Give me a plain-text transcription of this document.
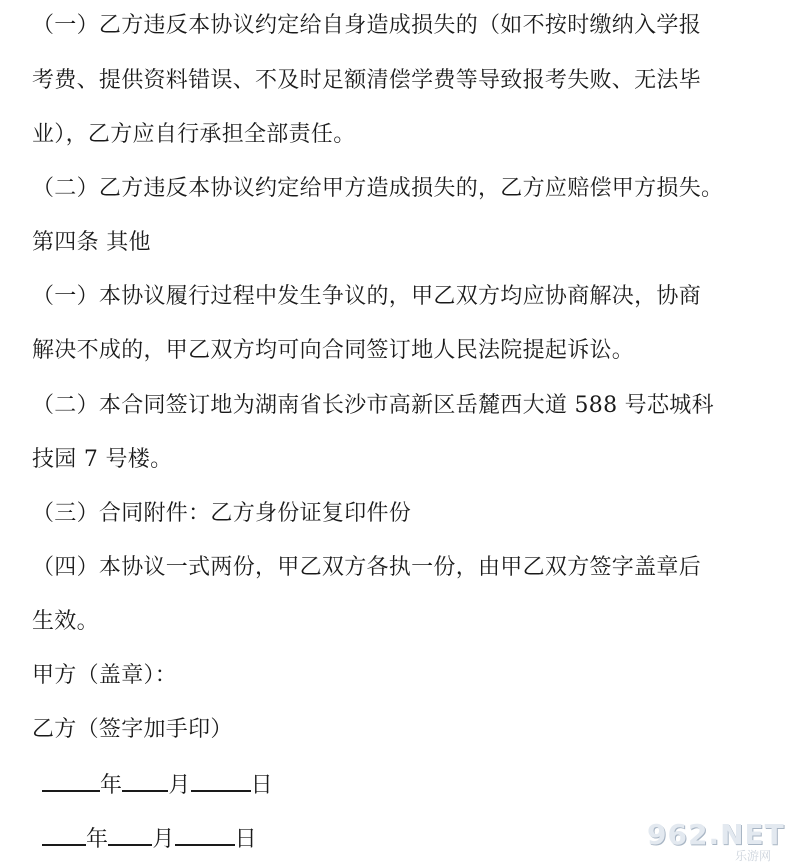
（一）乙方违反本协议约定给自身造成损失的（如不按时缴纳入学报
考费、提供资料错误、不及时足额清偿学费等导致报考失败、无法毕
业），乙方应自行承担全部责任。
（二）乙方违反本协议约定给甲方造成损失的，乙方应赔偿甲方损失。
第四条 其他
（一）本协议履行过程中发生争议的，甲乙双方均应协商解决，协商
解决不成的，甲乙双方均可向合同签订地人民法院提起诉讼。
（二）本合同签订地为湖南省长沙市高新区岳麓西大道 588 号芯城科
技园 7 号楼。
（三）合同附件：乙方身份证复印件份
（四）本协议一式两份，甲乙双方各执一份，由甲乙双方签字盖章后
生效。
甲方（盖章）：
乙方（签字加手印）
年 月	日
年 月	日	962.NET
乐游网
